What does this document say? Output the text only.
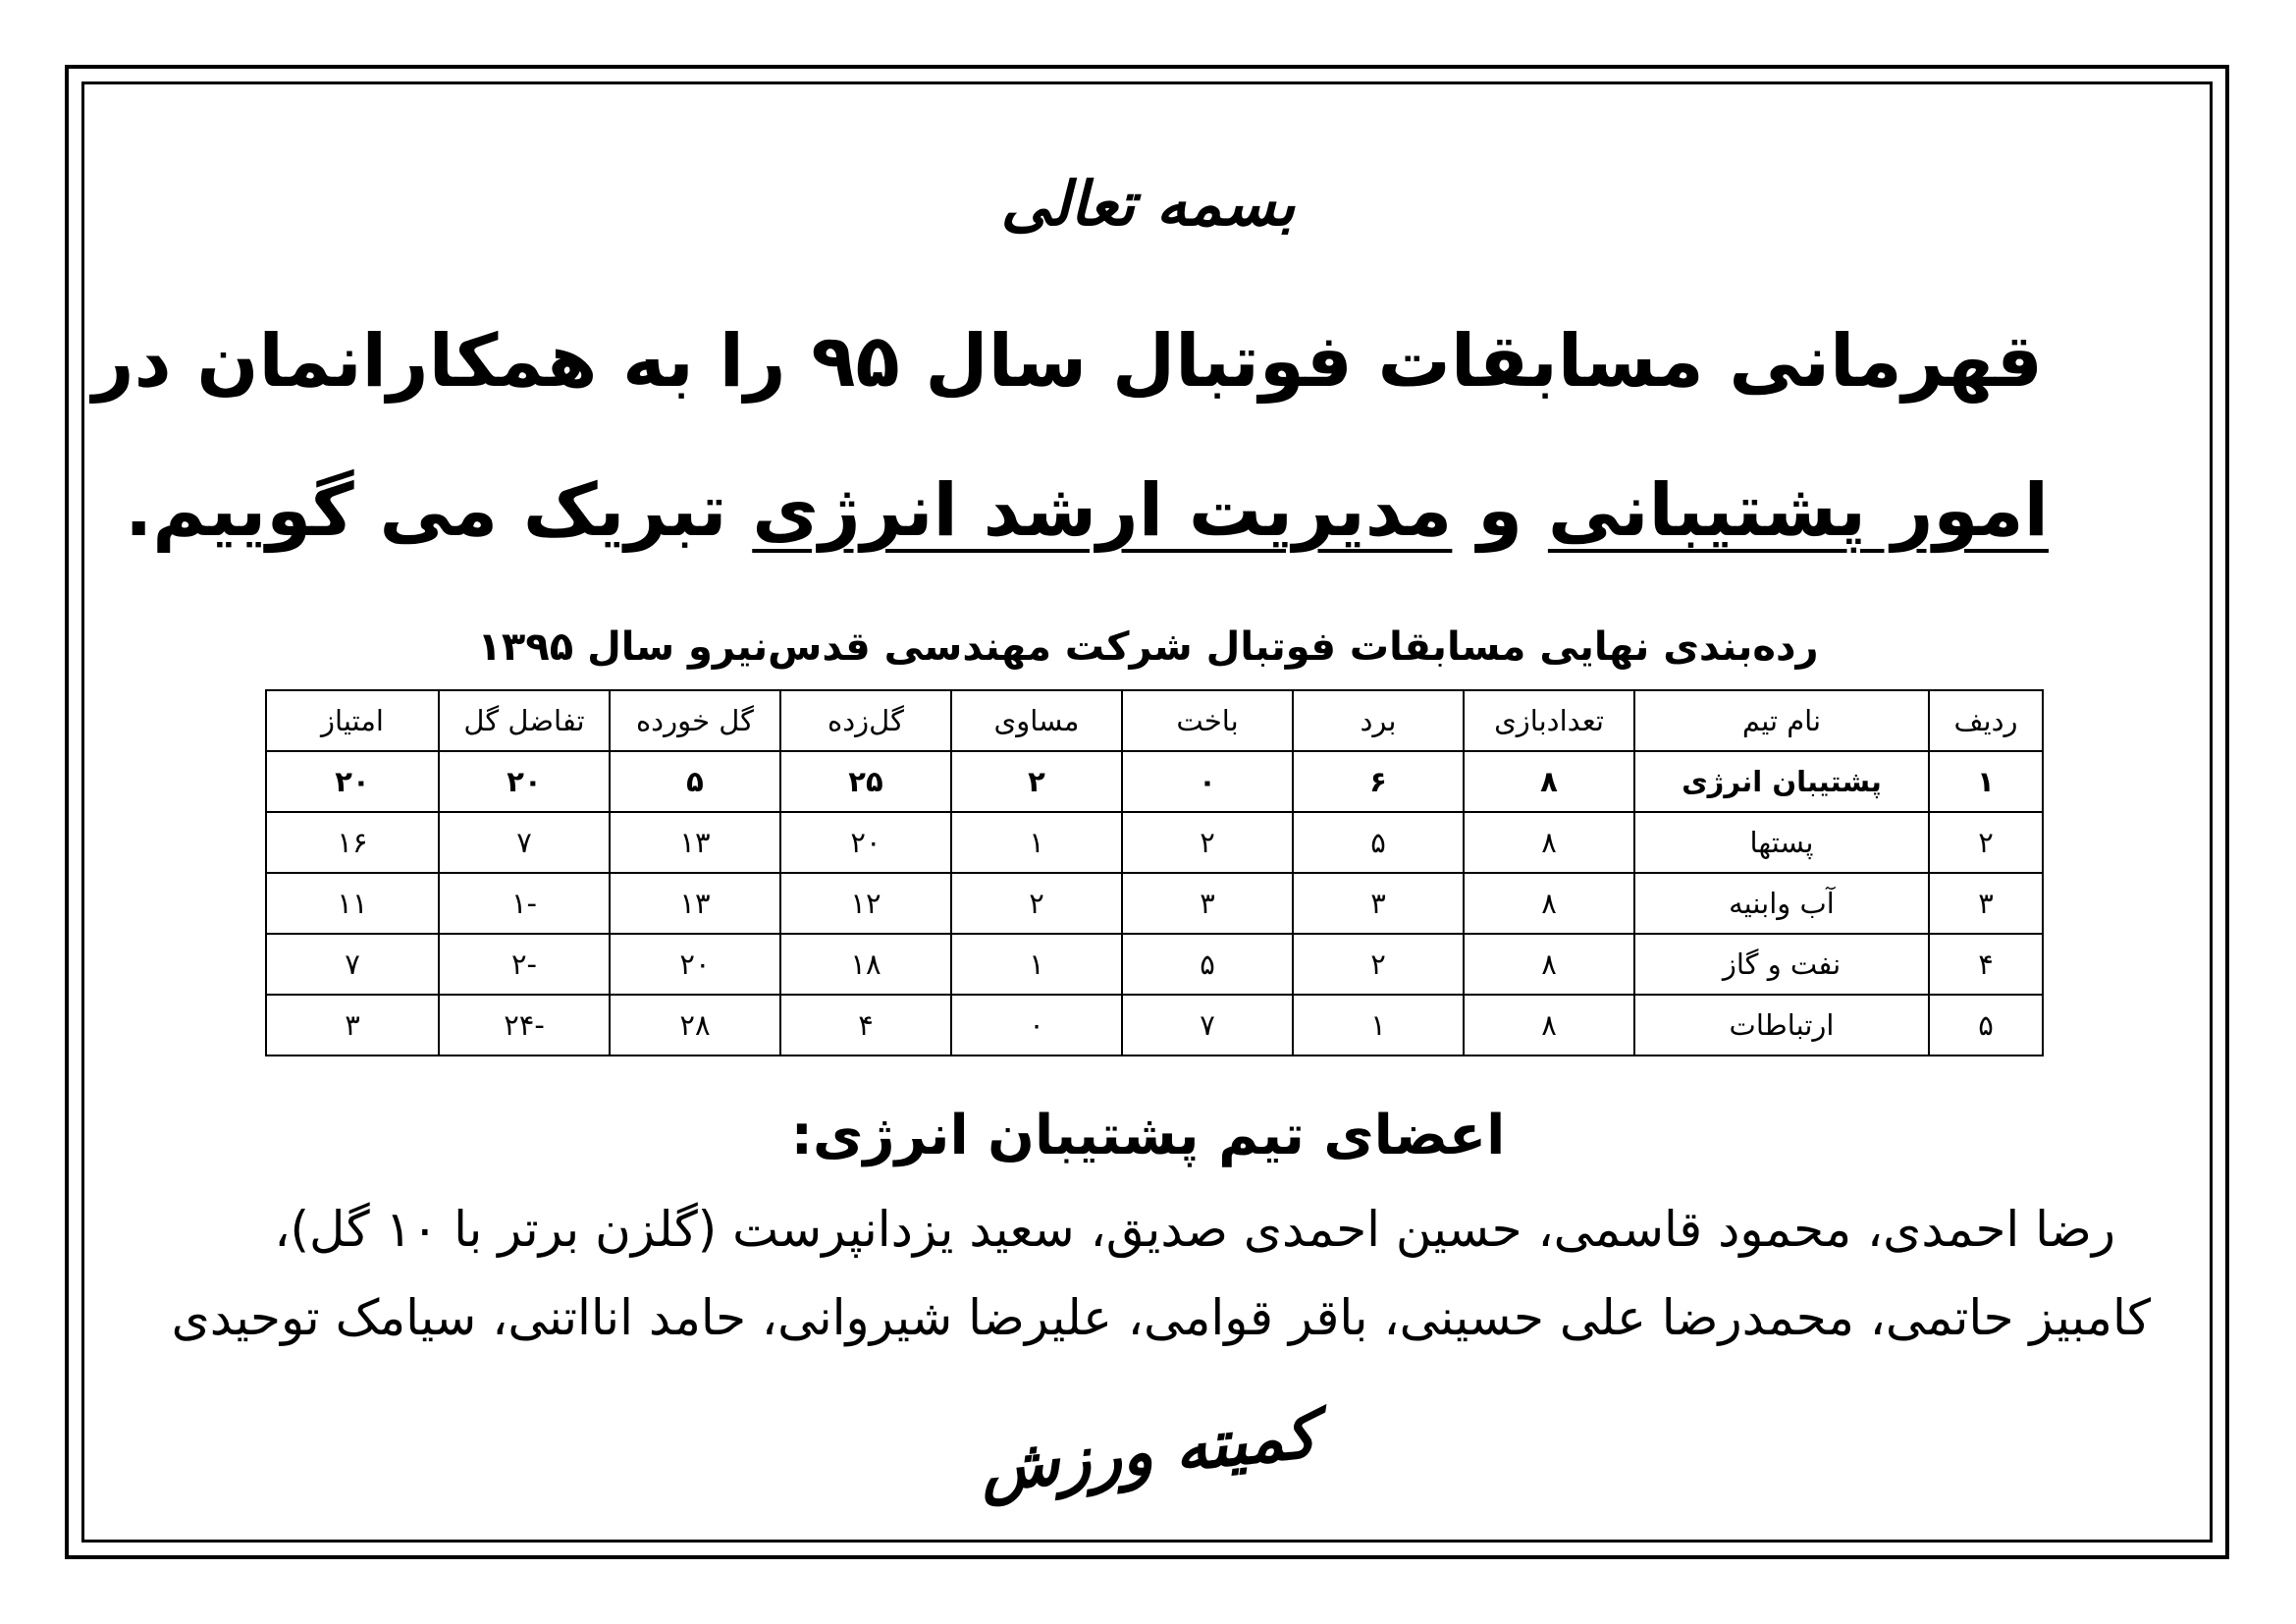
بسمه تعالی
قهرمانی مسابقات فوتبال سال ۹۵ را به همکارانمان در
امور پشتیبانی و مدیریت ارشد انرژی تبریک می گوییم.
رده‌بندی نهایی مسابقات فوتبال شرکت مهندسی قدس‌نیرو سال ۱۳۹۵
ردیف	نام تیم	تعدادبازی	برد	باخت	مساوی	گل‌زده	گل خورده	تفاضل گل	امتیاز
۱	پشتیبان انرژی	۸	۶	۰	۲	۲۵	۵	۲۰	۲۰
۲	پستها	۸	۵	۲	۱	۲۰	۱۳	۷	۱۶
۳	آب وابنیه	۸	۳	۳	۲	۱۲	۱۳	-۱	۱۱
۴	نفت و گاز	۸	۲	۵	۱	۱۸	۲۰	-۲	۷
۵	ارتباطات	۸	۱	۷	۰	۴	۲۸	-۲۴	۳
اعضای تیم پشتیبان انرژی:
رضا احمدی، محمود قاسمی، حسین احمدی صدیق، سعید یزدانپرست (گلزن برتر با ۱۰ گل)،
کامبیز حاتمی، محمدرضا علی حسینی، باقر قوامی، علیرضا شیروانی، حامد انااتنی، سیامک توحیدی
کمیته ورزش
